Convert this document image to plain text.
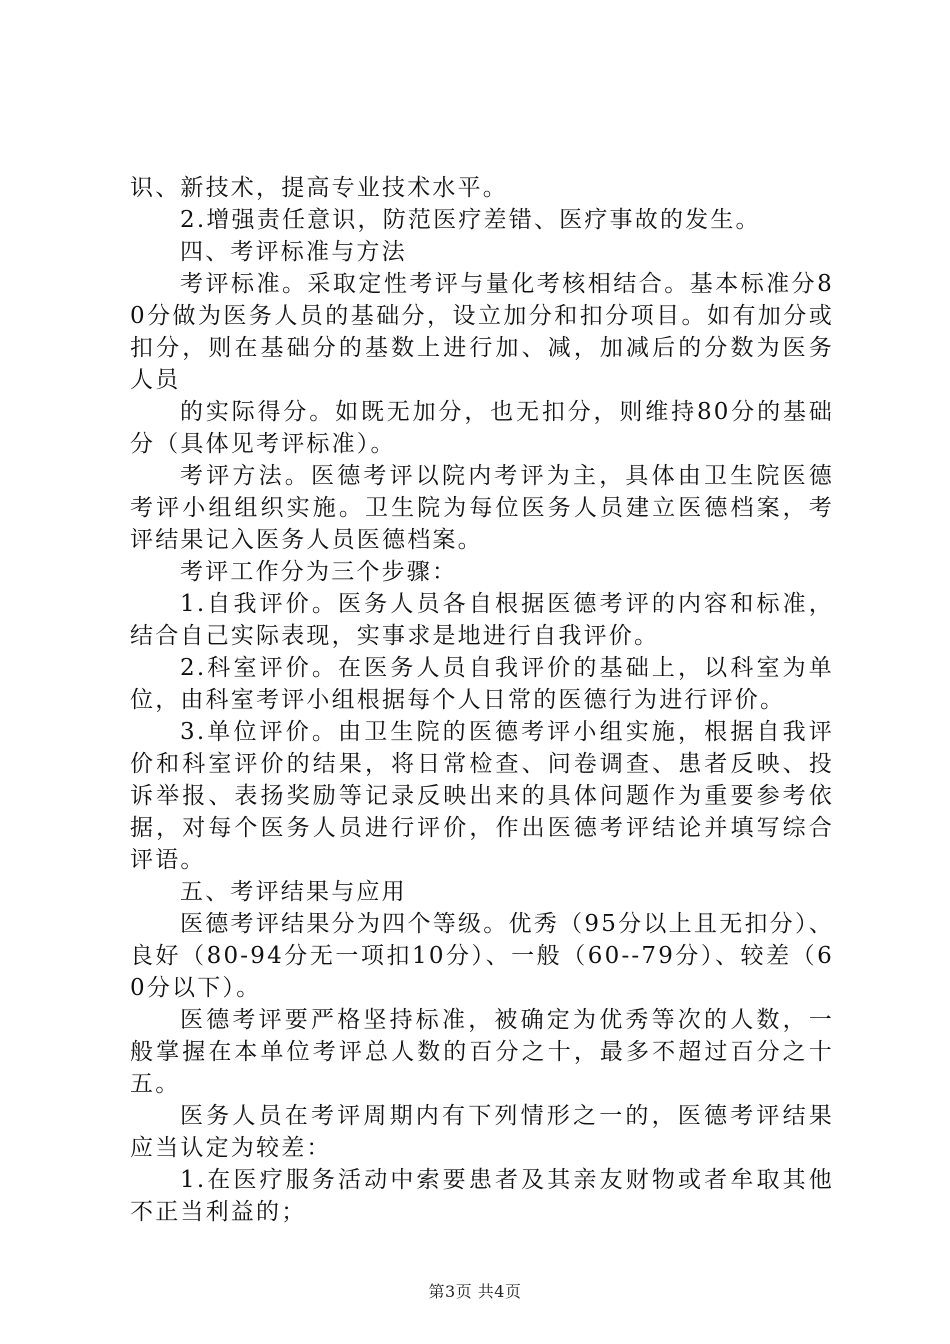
识、新技术，提高专业技术水平。

2.增强责任意识，防范医疗差错、医疗事故的发生。

四、考评标准与方法

考评标准。采取定性考评与量化考核相结合。基本标准分80分做为医务人员的基础分，设立加分和扣分项目。如有加分或扣分，则在基础分的基数上进行加、减，加减后的分数为医务人员

的实际得分。如既无加分，也无扣分，则维持80分的基础分（具体见考评标准）。

考评方法。医德考评以院内考评为主，具体由卫生院医德考评小组组织实施。卫生院为每位医务人员建立医德档案，考评结果记入医务人员医德档案。

考评工作分为三个步骤：

1.自我评价。医务人员各自根据医德考评的内容和标准，结合自己实际表现，实事求是地进行自我评价。

2.科室评价。在医务人员自我评价的基础上，以科室为单位，由科室考评小组根据每个人日常的医德行为进行评价。

3.单位评价。由卫生院的医德考评小组实施，根据自我评价和科室评价的结果，将日常检查、问卷调查、患者反映、投诉举报、表扬奖励等记录反映出来的具体问题作为重要参考依据，对每个医务人员进行评价，作出医德考评结论并填写综合评语。

五、考评结果与应用

医德考评结果分为四个等级。优秀（95分以上且无扣分）、良好（80-94分无一项扣10分）、一般（60--79分）、较差（60分以下）。

医德考评要严格坚持标准，被确定为优秀等次的人数，一般掌握在本单位考评总人数的百分之十，最多不超过百分之十五。

医务人员在考评周期内有下列情形之一的，医德考评结果应当认定为较差：

1.在医疗服务活动中索要患者及其亲友财物或者牟取其他不正当利益的；

第3页 共4页
